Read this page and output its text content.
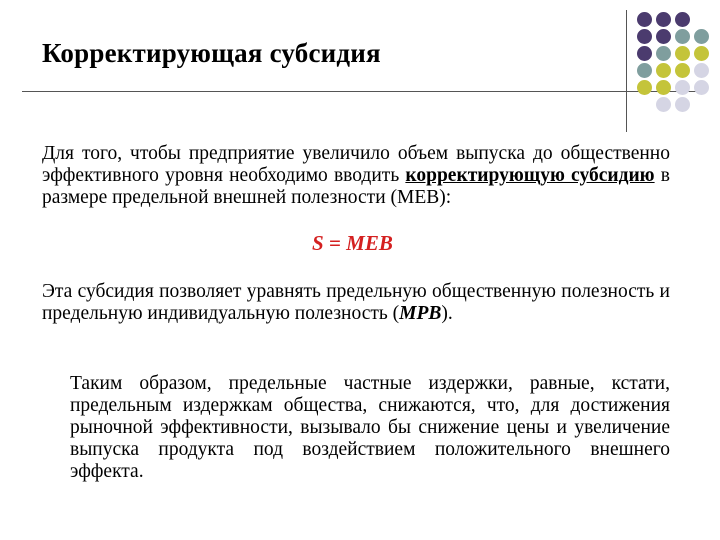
Корректирующая субсидия
Для того, чтобы предприятие увеличило объем выпуска до общественно эффективного уровня необходимо вводить корректирующую субсидию в размере предельной внешней полезности (МЕВ):
S = MEB
Эта субсидия позволяет уравнять предельную общественную полезность и предельную индивидуальную полезность (MPB).
Таким образом, предельные частные издержки, равные, кстати, предельным издержкам общества, снижаются, что, для достижения рыночной эффективности, вызывало бы снижение цены и увеличение выпуска продукта под воздействием положительного внешнего эффекта.
